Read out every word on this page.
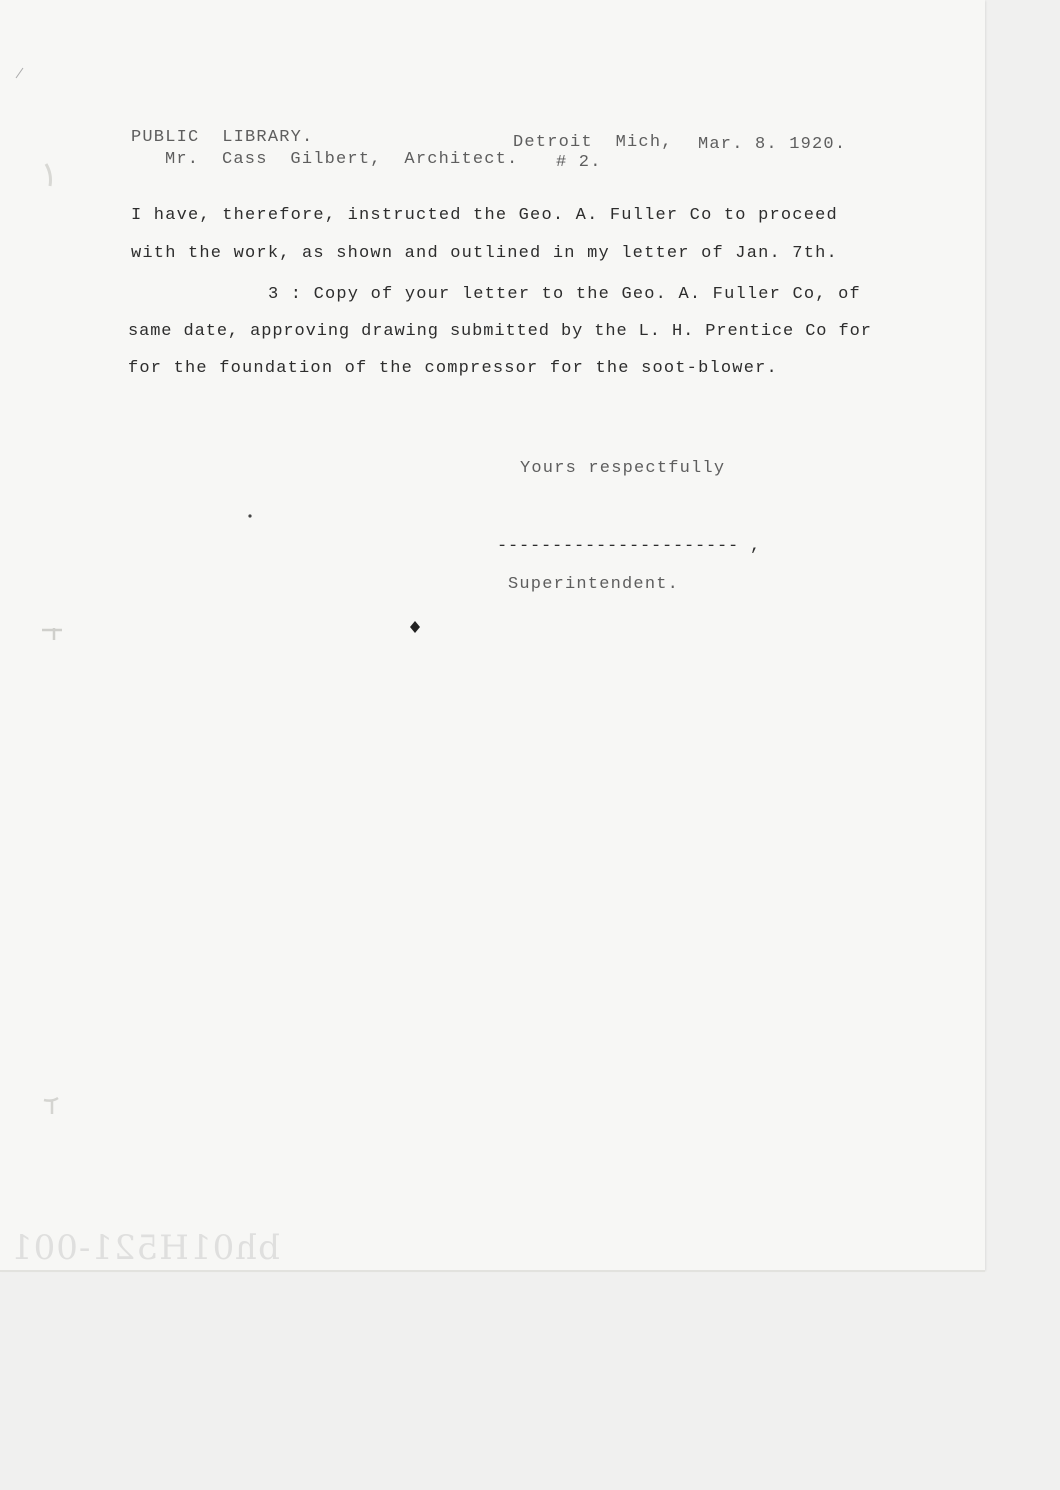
PUBLIC  LIBRARY.	Detroit  Mich, Mar. 8. 1920.
Mr.  Cass  Gilbert,  Architect. # 2.
I have, therefore, instructed the Geo. A. Fuller Co to proceed
with the work, as shown and outlined in my letter of Jan. 7th.
3 : Copy of your letter to the Geo. A. Fuller Co, of
same date, approving drawing submitted by the L. H. Prentice Co for
for the foundation of the compressor for the soot-blower.
Yours respectfully
---------------------- ,
Superintendent.
bh01H521-001
